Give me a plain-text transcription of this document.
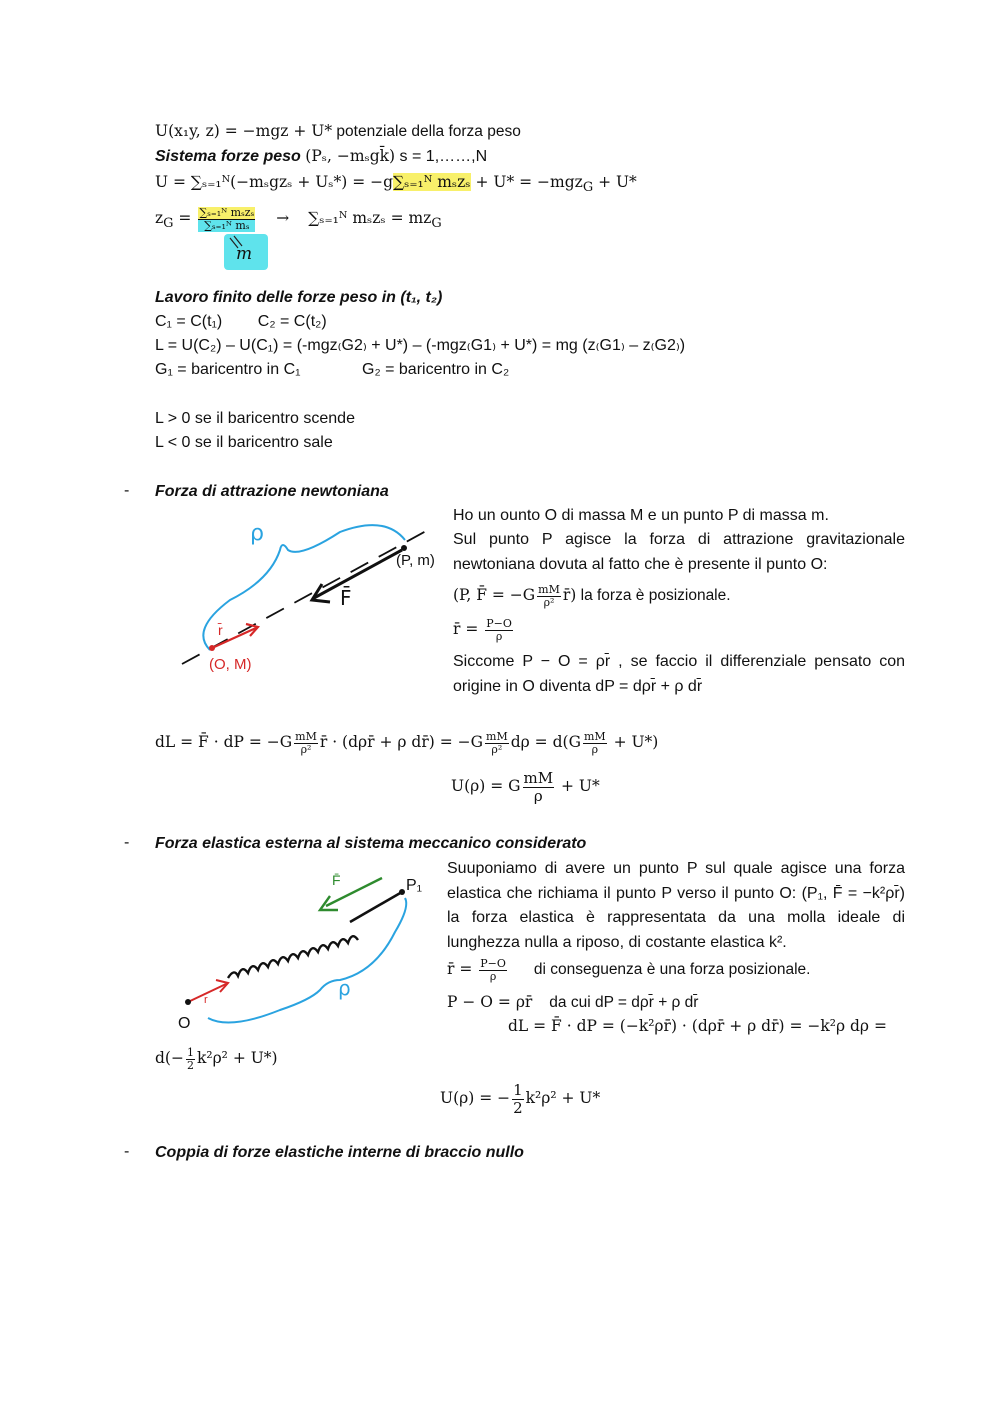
U(x₁y, z) = −mgz + U* potenziale della forza peso
Sistema forze peso (Pₛ, −mₛgk̄) s = 1,……,N
U = ∑ₛ₌₁ᴺ(−mₛgzₛ + Uₛ*) = −g∑ₛ₌₁ᴺ mₛzₛ + U* = −mgz$_G$ + U*
$z_G = \frac{\text{∑ₛ₌₁ᴺ mₛzₛ}}{\text{∑ₛ₌₁ᴺ mₛ}}$ → ∑ₛ₌₁ᴺ $m_sz_s = mz_G$
m
Lavoro finito delle forze peso in (t₁, t₂)
C₁ = C(t₁)        C₂ = C(t₂)
L = U(C₂) – U(C₁) = (-mgz₍G2₎ + U*) – (-mgz₍G1₎ + U*) = mg (z₍G1₎ – z₍G2₎)
G₁ = baricentro in C₁	G₂ = baricentro in C₂
L > 0 se il baricentro scende
L < 0 se il baricentro sale
- Forza di attrazione newtoniana
ρ
(P, m)
F̄
r̄
(O, M)
Ho un ounto O di massa M e un punto P di massa m.
Sul punto P agisce la forza di attrazione gravitazionale newtoniana dovuta al fatto che è presente il punto O:
(P, F̄ = $-G \frac{mM}{\text{ρ²}}$ r̄) la forza è posizionale.
r̄ = $\frac{P-O}{\rho}$
Siccome P − O = ρr̄ , se faccio il differenziale pensato con origine in O diventa dP = dρr̄ + ρ dr̄
dL = F̄ · dP = $-G \frac{mM}{\text{ρ²}}$ r̄ · (dρr̄ + ρ dr̄) = $-G \frac{mM}{\text{ρ²}}$ $d\rho = d(G \frac{mM}{\rho} + U*)$
U(ρ) = G $\frac{mM}{\rho} + U*$
- Forza elastica esterna al sistema meccanico considerato
F̄	P₁
r̄	ρ
O
Suuponiamo di avere un punto P sul quale agisce una forza elastica che richiama il punto P verso il punto O: (P₁, F̄ = −k²ρr̄) la forza elastica è rappresentata da una molla ideale di lunghezza nulla a riposo, di costante elastica k².
r̄ = $\frac{P-O}{\rho}$ di conseguenza è una forza posizionale.
P − O = ρr̄ da cui dP = dρr̄ + ρ dr̄
dL = F̄ · dP = (−k²ρr̄) · (dρr̄ + ρ dr̄) = −k²ρ dρ =
$d(- \frac{1}{2} k^2\rho^2 + U*)$
U(ρ) = − $\frac{1}{2} k^2\rho^2 + U*$
- Coppia di forze elastiche interne di braccio nullo
